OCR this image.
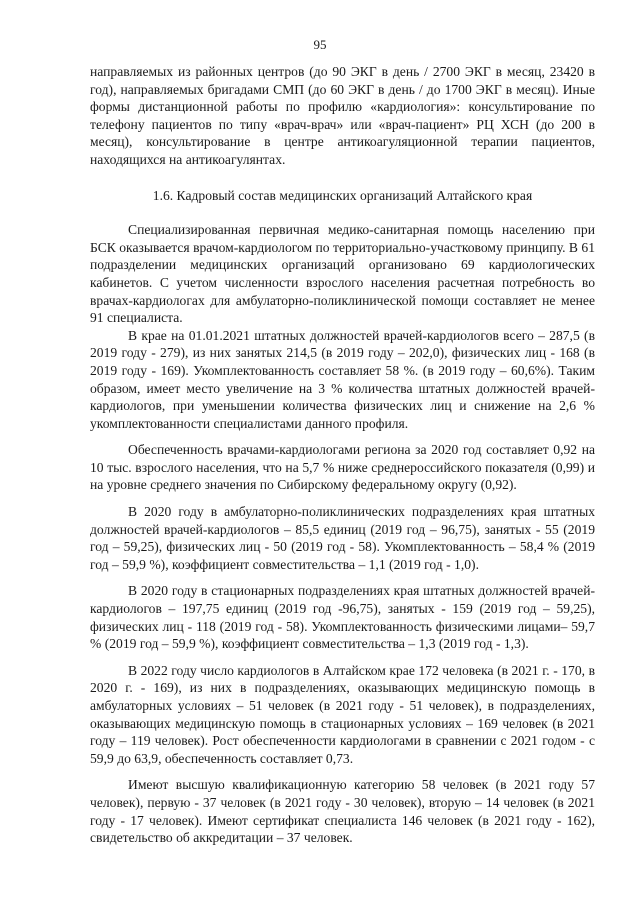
95

направляемых из районных центров (до 90 ЭКГ в день / 2700 ЭКГ в месяц, 23420 в год), направляемых бригадами СМП (до 60 ЭКГ в день / до 1700 ЭКГ в месяц). Иные формы дистанционной работы по профилю «кардиология»: консультирование по телефону пациентов по типу «врач-врач» или «врач-пациент» РЦ ХСН (до 200 в месяц), консультирование в центре антикоагуляционной терапии пациентов, находящихся на антикоагулянтах.

1.6. Кадровый состав медицинских организаций Алтайского края

Специализированная первичная медико-санитарная помощь населению при БСК оказывается врачом-кардиологом по территориально-участковому принципу. В 61 подразделении медицинских организаций организовано 69 кардиологических кабинетов. С учетом численности взрослого населения расчетная потребность во врачах-кардиологах для амбулаторно-поликлинической помощи составляет не менее 91 специалиста.

В крае на 01.01.2021 штатных должностей врачей-кардиологов всего – 287,5 (в 2019 году - 279), из них занятых 214,5 (в 2019 году – 202,0), физических лиц - 168 (в 2019 году - 169). Укомплектованность составляет 58 %. (в 2019 году – 60,6%). Таким образом, имеет место увеличение на 3 % количества штатных должностей врачей-кардиологов, при уменьшении количества физических лиц и снижение на 2,6 % укомплектованности специалистами данного профиля.

Обеспеченность врачами-кардиологами региона за 2020 год составляет 0,92 на 10 тыс. взрослого населения, что на 5,7 % ниже среднероссийского показателя (0,99) и на уровне среднего значения по Сибирскому федеральному округу (0,92).

В 2020 году в амбулаторно-поликлинических подразделениях края штатных должностей врачей-кардиологов – 85,5 единиц (2019 год – 96,75), занятых - 55 (2019 год – 59,25), физических лиц - 50 (2019 год - 58). Укомплектованность – 58,4 % (2019 год – 59,9 %), коэффициент совместительства – 1,1 (2019 год - 1,0).

В 2020 году в стационарных подразделениях края штатных должностей врачей-кардиологов – 197,75 единиц (2019 год -96,75), занятых - 159 (2019 год – 59,25), физических лиц - 118 (2019 год - 58). Укомплектованность физическими лицами– 59,7 % (2019 год – 59,9 %), коэффициент совместительства – 1,3 (2019 год - 1,3).

В 2022 году число кардиологов в Алтайском крае 172 человека (в 2021 г. - 170, в 2020 г. - 169), из них в подразделениях, оказывающих медицинскую помощь в амбулаторных условиях – 51 человек (в 2021 году - 51 человек), в подразделениях, оказывающих медицинскую помощь в стационарных условиях – 169 человек (в 2021 году – 119 человек). Рост обеспеченности кардиологами в сравнении с 2021 годом - с 59,9 до 63,9, обеспеченность составляет 0,73.

Имеют высшую квалификационную категорию 58 человек (в 2021 году 57 человек), первую - 37 человек (в 2021 году - 30 человек), вторую – 14 человек (в 2021 году - 17 человек). Имеют сертификат специалиста 146 человек (в 2021 году - 162), свидетельство об аккредитации – 37 человек.
